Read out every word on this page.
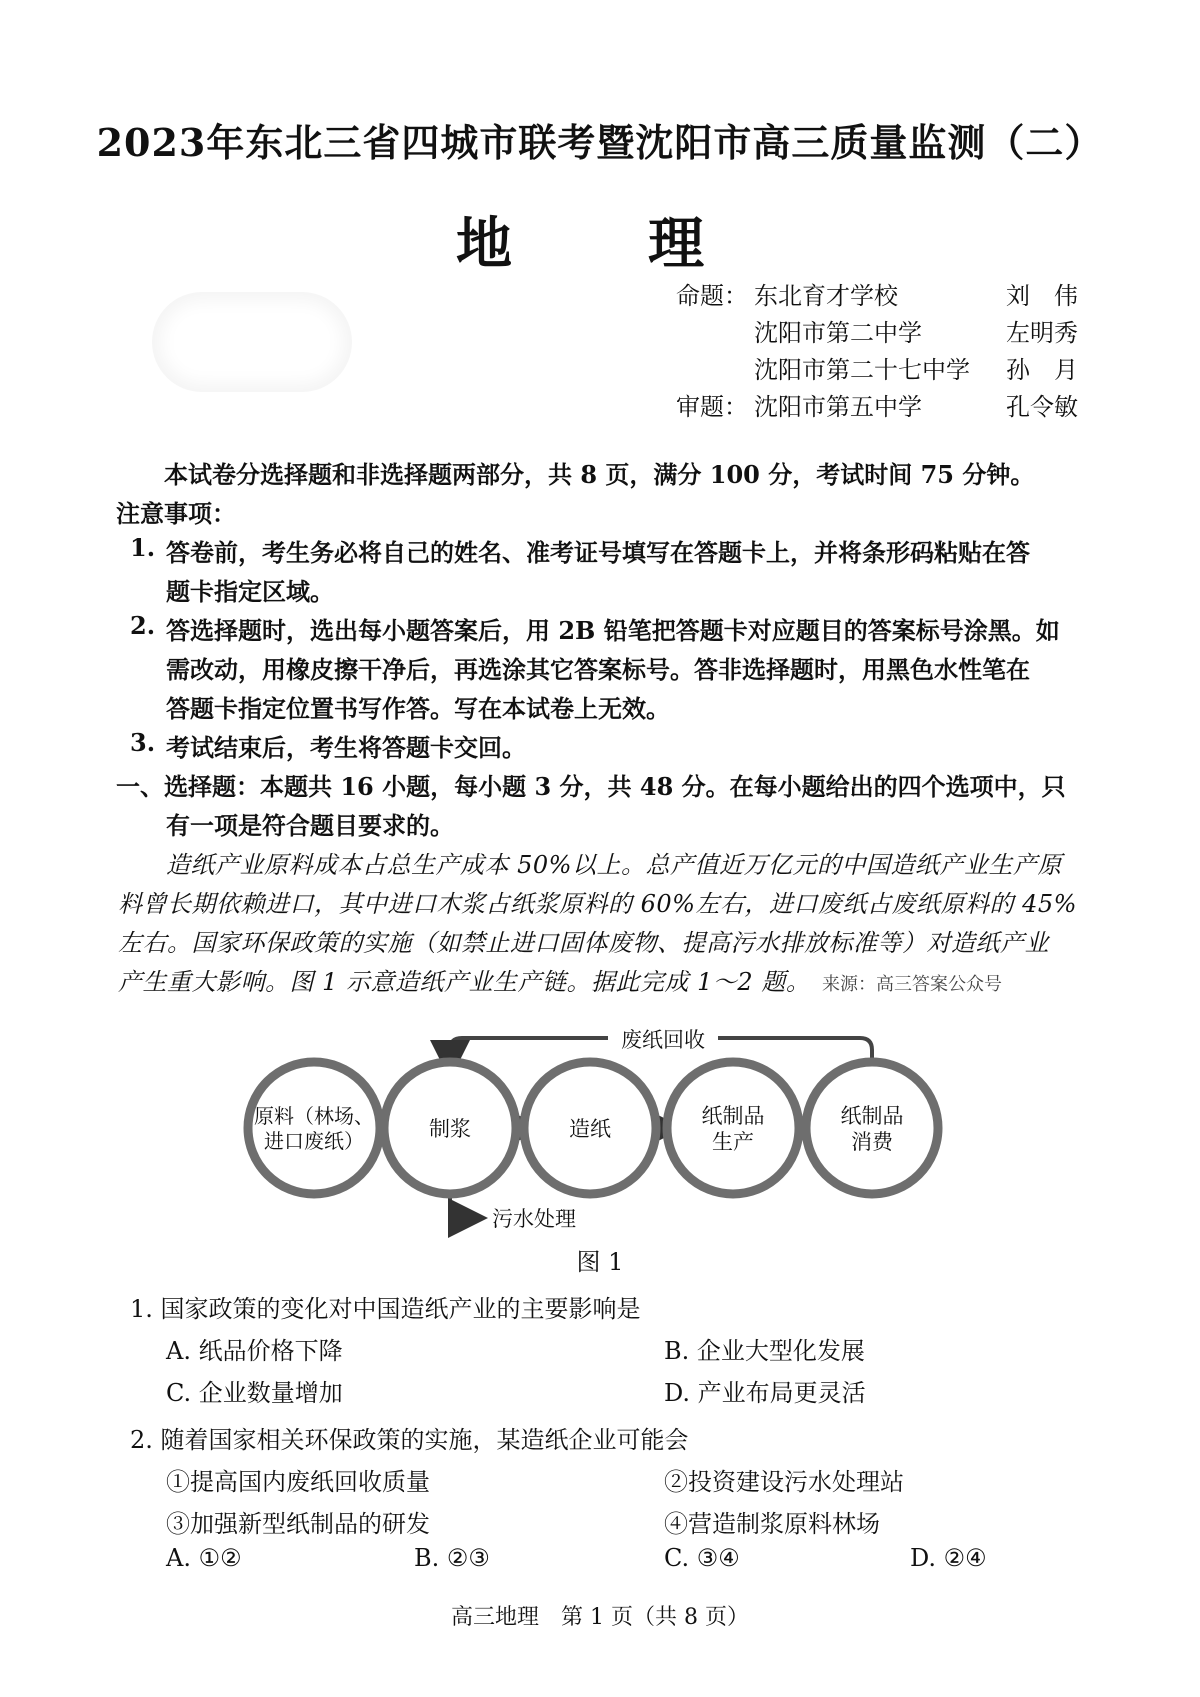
2023年东北三省四城市联考暨沈阳市高三质量监测（二）
地　理
命题： 东北育才学校	刘　伟
沈阳市第二中学	左明秀
沈阳市第二十七中学 孙　月
审题： 沈阳市第五中学	孔令敏
本试卷分选择题和非选择题两部分，共 8 页，满分 100 分，考试时间 75 分钟。
注意事项：
1. 答卷前，考生务必将自己的姓名、准考证号填写在答题卡上，并将条形码粘贴在答
题卡指定区域。
2. 答选择题时，选出每小题答案后，用 2B 铅笔把答题卡对应题目的答案标号涂黑。如
需改动，用橡皮擦干净后，再选涂其它答案标号。答非选择题时，用黑色水性笔在
答题卡指定位置书写作答。写在本试卷上无效。
3. 考试结束后，考生将答题卡交回。
一、选择题：本题共 16 小题，每小题 3 分，共 48 分。在每小题给出的四个选项中，只
有一项是符合题目要求的。
造纸产业原料成本占总生产成本 50%以上。总产值近万亿元的中国造纸产业生产原
料曾长期依赖进口，其中进口木浆占纸浆原料的 60%左右，进口废纸占废纸原料的 45%
左右。国家环保政策的实施（如禁止进口固体废物、提高污水排放标准等）对造纸产业
产生重大影响。图 1 示意造纸产业生产链。据此完成 1～2 题。 来源：高三答案公众号
废纸回收
污水处理
原料（林场、
进口废纸）	制浆	造纸
纸制品
生产
纸制品
消费
图 1
1. 国家政策的变化对中国造纸产业的主要影响是
A. 纸品价格下降	B. 企业大型化发展
C. 企业数量增加	D. 产业布局更灵活
2. 随着国家相关环保政策的实施，某造纸企业可能会
①提高国内废纸回收质量	②投资建设污水处理站
③加强新型纸制品的研发	④营造制浆原料林场
A. ①②	B. ②③	C. ③④	D. ②④
高三地理　第 1 页（共 8 页）
